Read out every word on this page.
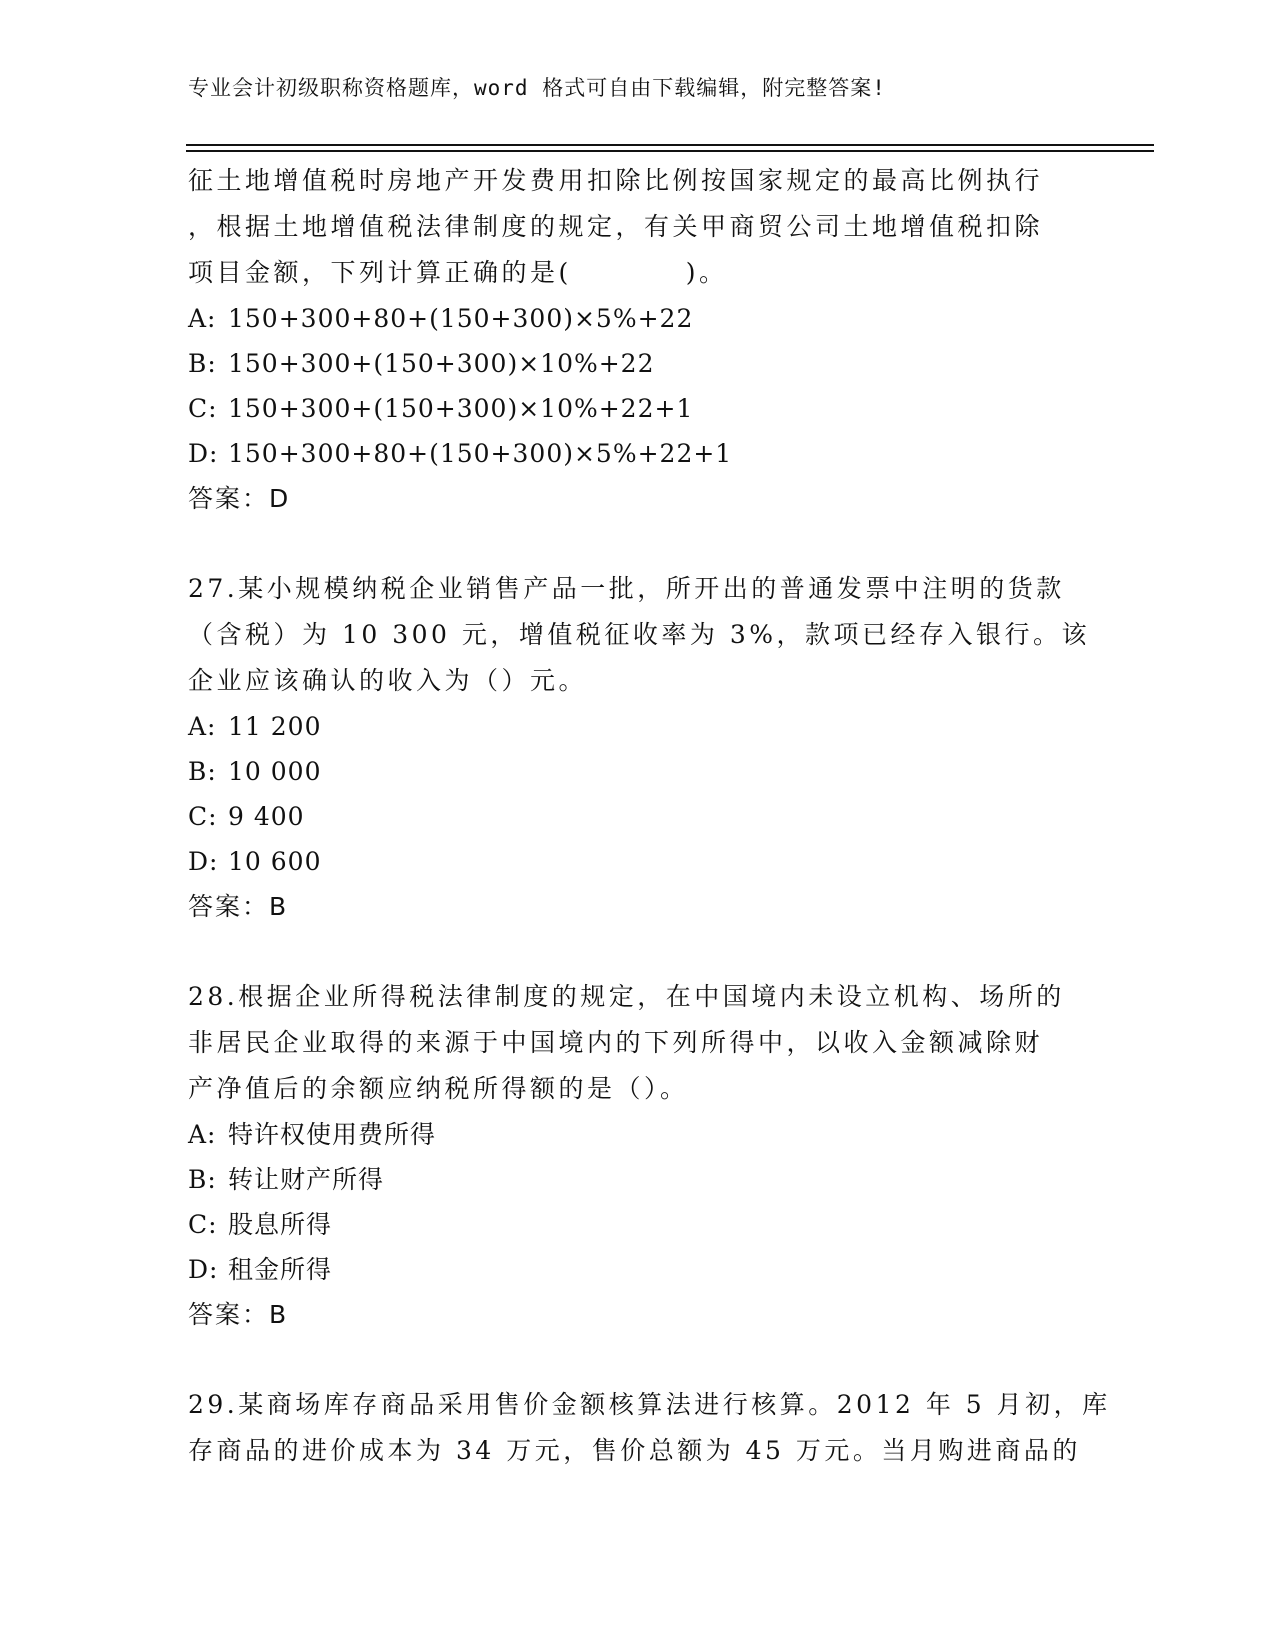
专业会计初级职称资格题库，word 格式可自由下载编辑，附完整答案!
征土地增值税时房地产开发费用扣除比例按国家规定的最高比例执行
，根据土地增值税法律制度的规定，有关甲商贸公司土地增值税扣除
项目金额，下列计算正确的是(　　　　)。
A: 150+300+80+(150+300)×5%+22
B: 150+300+(150+300)×10%+22
C: 150+300+(150+300)×10%+22+1
D: 150+300+80+(150+300)×5%+22+1
答案：D
27.某小规模纳税企业销售产品一批，所开出的普通发票中注明的货款
（含税）为 10 300 元，增值税征收率为 3%，款项已经存入银行。该
企业应该确认的收入为（）元。
A: 11 200
B: 10 000
C: 9 400
D: 10 600
答案：B
28.根据企业所得税法律制度的规定，在中国境内未设立机构、场所的
非居民企业取得的来源于中国境内的下列所得中，以收入金额减除财
产净值后的余额应纳税所得额的是（）。
A: 特许权使用费所得
B: 转让财产所得
C: 股息所得
D: 租金所得
答案：B
29.某商场库存商品采用售价金额核算法进行核算。2012 年 5 月初，库
存商品的进价成本为 34 万元，售价总额为 45 万元。当月购进商品的
